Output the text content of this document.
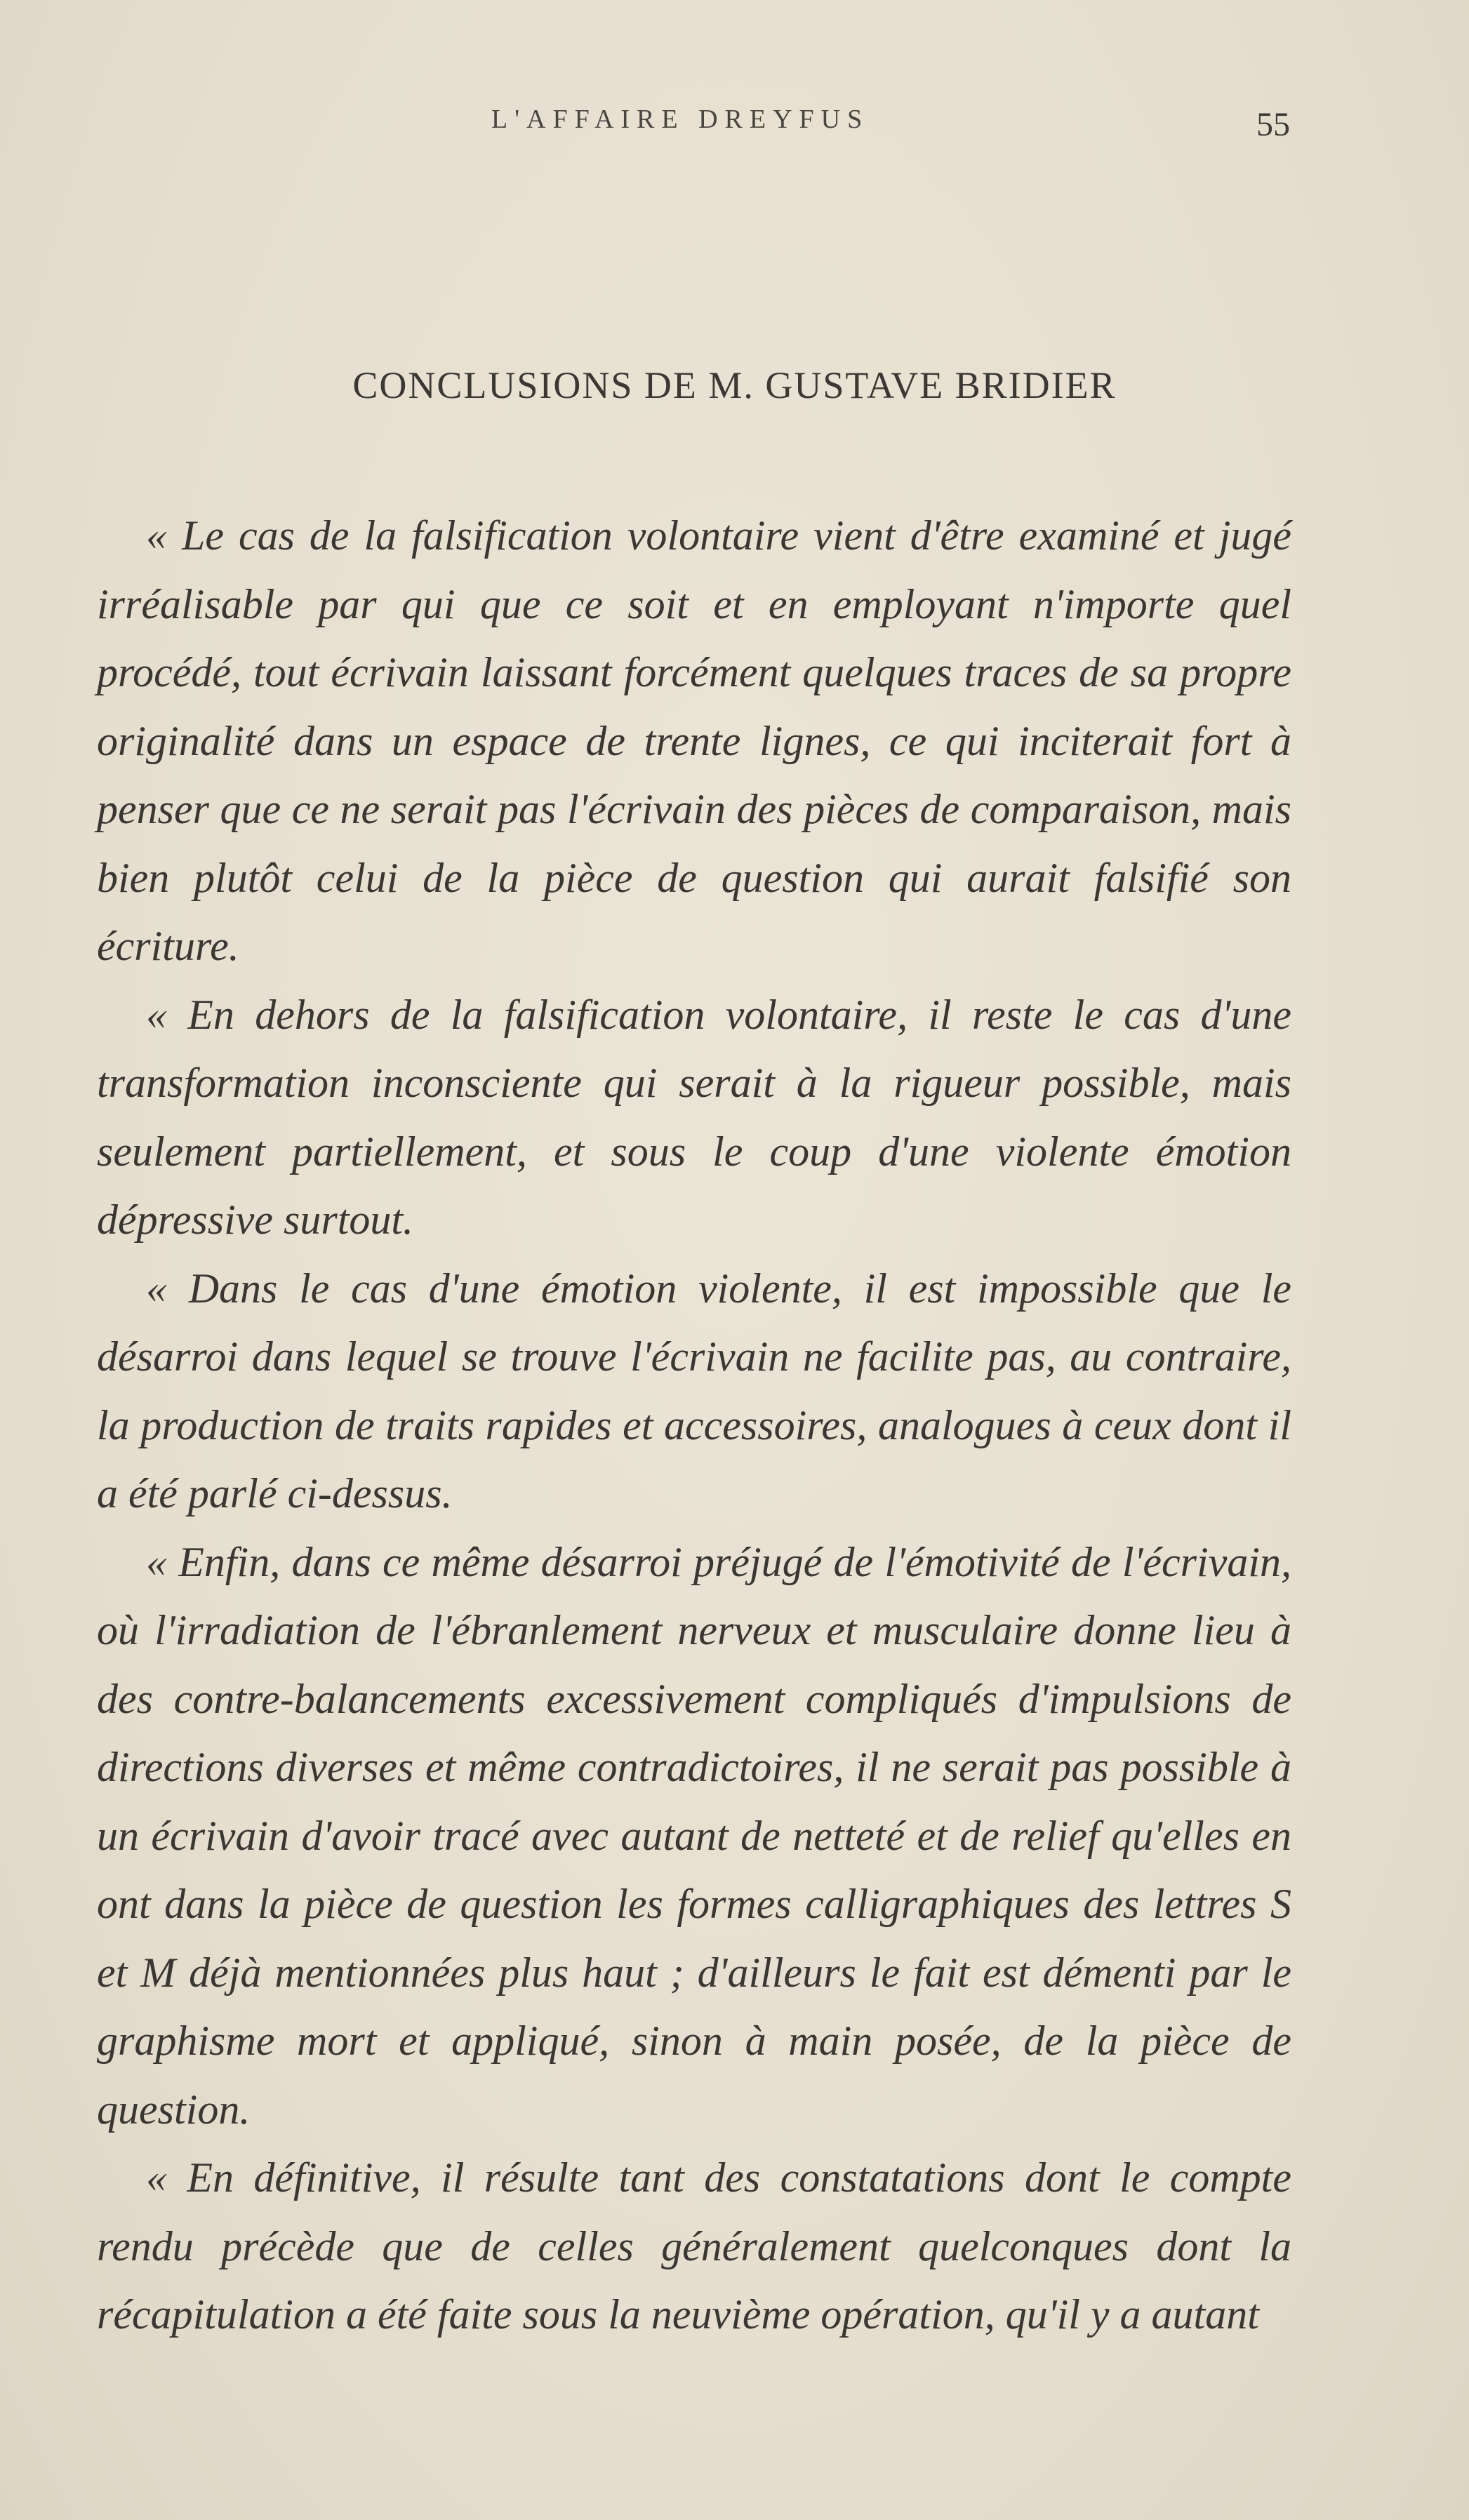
L'AFFAIRE DREYFUS	55
CONCLUSIONS DE M. GUSTAVE BRIDIER

« Le cas de la falsification volontaire vient d'être examiné et jugé irréalisable par qui que ce soit et en employant n'importe quel procédé, tout écrivain laissant forcément quelques traces de sa propre originalité dans un espace de trente lignes, ce qui inciterait fort à penser que ce ne serait pas l'écrivain des pièces de comparaison, mais bien plutôt celui de la pièce de question qui aurait falsifié son écriture.

« En dehors de la falsification volontaire, il reste le cas d'une transformation inconsciente qui serait à la rigueur possible, mais seulement partiellement, et sous le coup d'une violente émotion dépressive surtout.

« Dans le cas d'une émotion violente, il est impossible que le désarroi dans lequel se trouve l'écrivain ne facilite pas, au contraire, la production de traits rapides et accessoires, analogues à ceux dont il a été parlé ci-dessus.

« Enfin, dans ce même désarroi préjugé de l'émotivité de l'écrivain, où l'irradiation de l'ébranlement nerveux et musculaire donne lieu à des contre-balancements excessivement compliqués d'impulsions de directions diverses et même contradictoires, il ne serait pas possible à un écrivain d'avoir tracé avec autant de netteté et de relief qu'elles en ont dans la pièce de question les formes calligraphiques des lettres S et M déjà mentionnées plus haut ; d'ailleurs le fait est démenti par le graphisme mort et appliqué, sinon à main posée, de la pièce de question.

« En définitive, il résulte tant des constatations dont le compte rendu précède que de celles généralement quelconques dont la récapitulation a été faite sous la neuvième opération, qu'il y a autant
